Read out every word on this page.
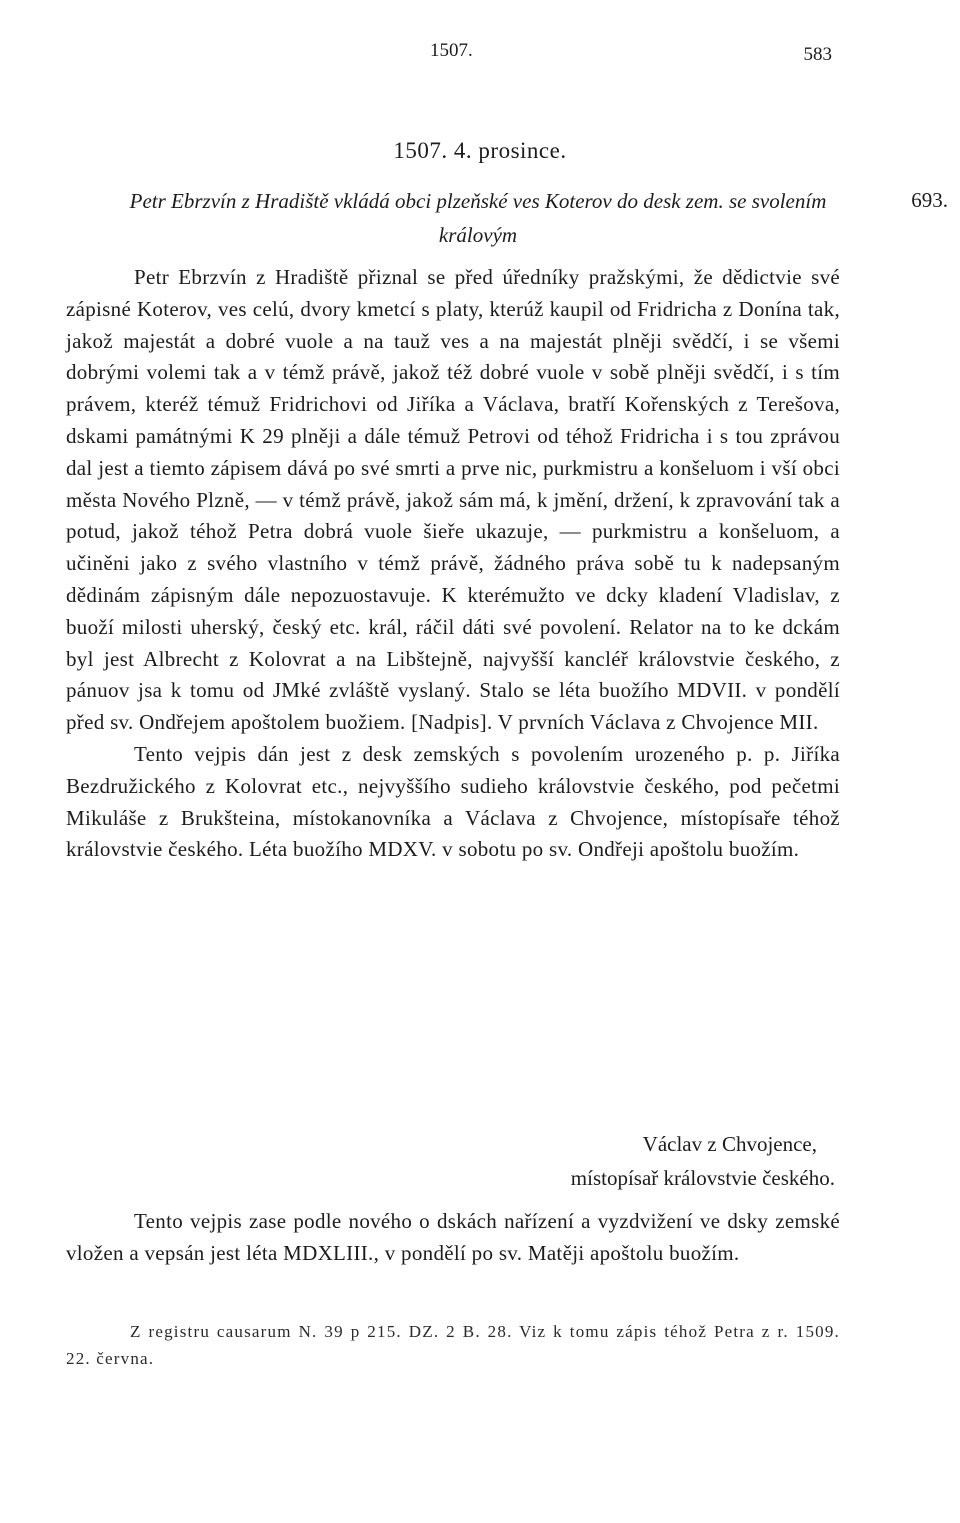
1507.	583
1507. 4. prosince.
Petr Ebrzvín z Hradiště vkládá obci plzeňské ves Koterov do desk zem. se svolením královým
693.

Petr Ebrzvín z Hradiště přiznal se před úředníky pražskými, že dědictvie své zápisné Koterov, ves celú, dvory kmetcí s platy, kterúž kaupil od Fridricha z Donína tak, jakož majestát a dobré vuole a na tauž ves a na majestát plněji svědčí, i se všemi dobrými volemi tak a v témž právě, jakož též dobré vuole v sobě plněji svědčí, i s tím právem, kteréž témuž Fridrichovi od Jiříka a Václava, bratří Kořenských z Terešova, dskami památnými K 29 plněji a dále témuž Petrovi od téhož Fridricha i s tou zprávou dal jest a tiemto zápisem dává po své smrti a prve nic, purkmistru a konšeluom i vší obci města Nového Plzně, — v témž právě, jakož sám má, k jmění, držení, k zpravování tak a potud, jakož téhož Petra dobrá vuole šieře ukazuje, — purkmistru a konšeluom, a učiněni jako z svého vlastního v témž právě, žádného práva sobě tu k nadepsaným dědinám zápisným dále nepozuostavuje. K kterémužto ve dcky kladení Vladislav, z buoží milosti uherský, český etc. král, ráčil dáti své povolení. Relator na to ke dckám byl jest Albrecht z Kolovrat a na Libštejně, najvyšší kancléř královstvie českého, z pánuov jsa k tomu od JMké zvláště vyslaný. Stalo se léta buožího MDVII. v pondělí před sv. Ondřejem apoštolem buožiem. [Nadpis]. V prvních Václava z Chvojence MII.

Tento vejpis dán jest z desk zemských s povolením urozeného p. p. Jiříka Bezdružického z Kolovrat etc., nejvyššího sudieho královstvie českého, pod pečetmi Mikuláše z Brukšteina, místokanovníka a Václava z Chvojence, místopísaře téhož královstvie českého. Léta buožího MDXV. v sobotu po sv. Ondřeji apoštolu buožím.

Václav z Chvojence,
místopísař královstvie českého.

Tento vejpis zase podle nového o dskách nařízení a vyzdvižení ve dsky zemské vložen a vepsán jest léta MDXLIII., v pondělí po sv. Matěji apoštolu buožím.

Z registru causarum N. 39 p 215. DZ. 2 B. 28. Viz k tomu zápis téhož Petra z r. 1509. 22. června.
